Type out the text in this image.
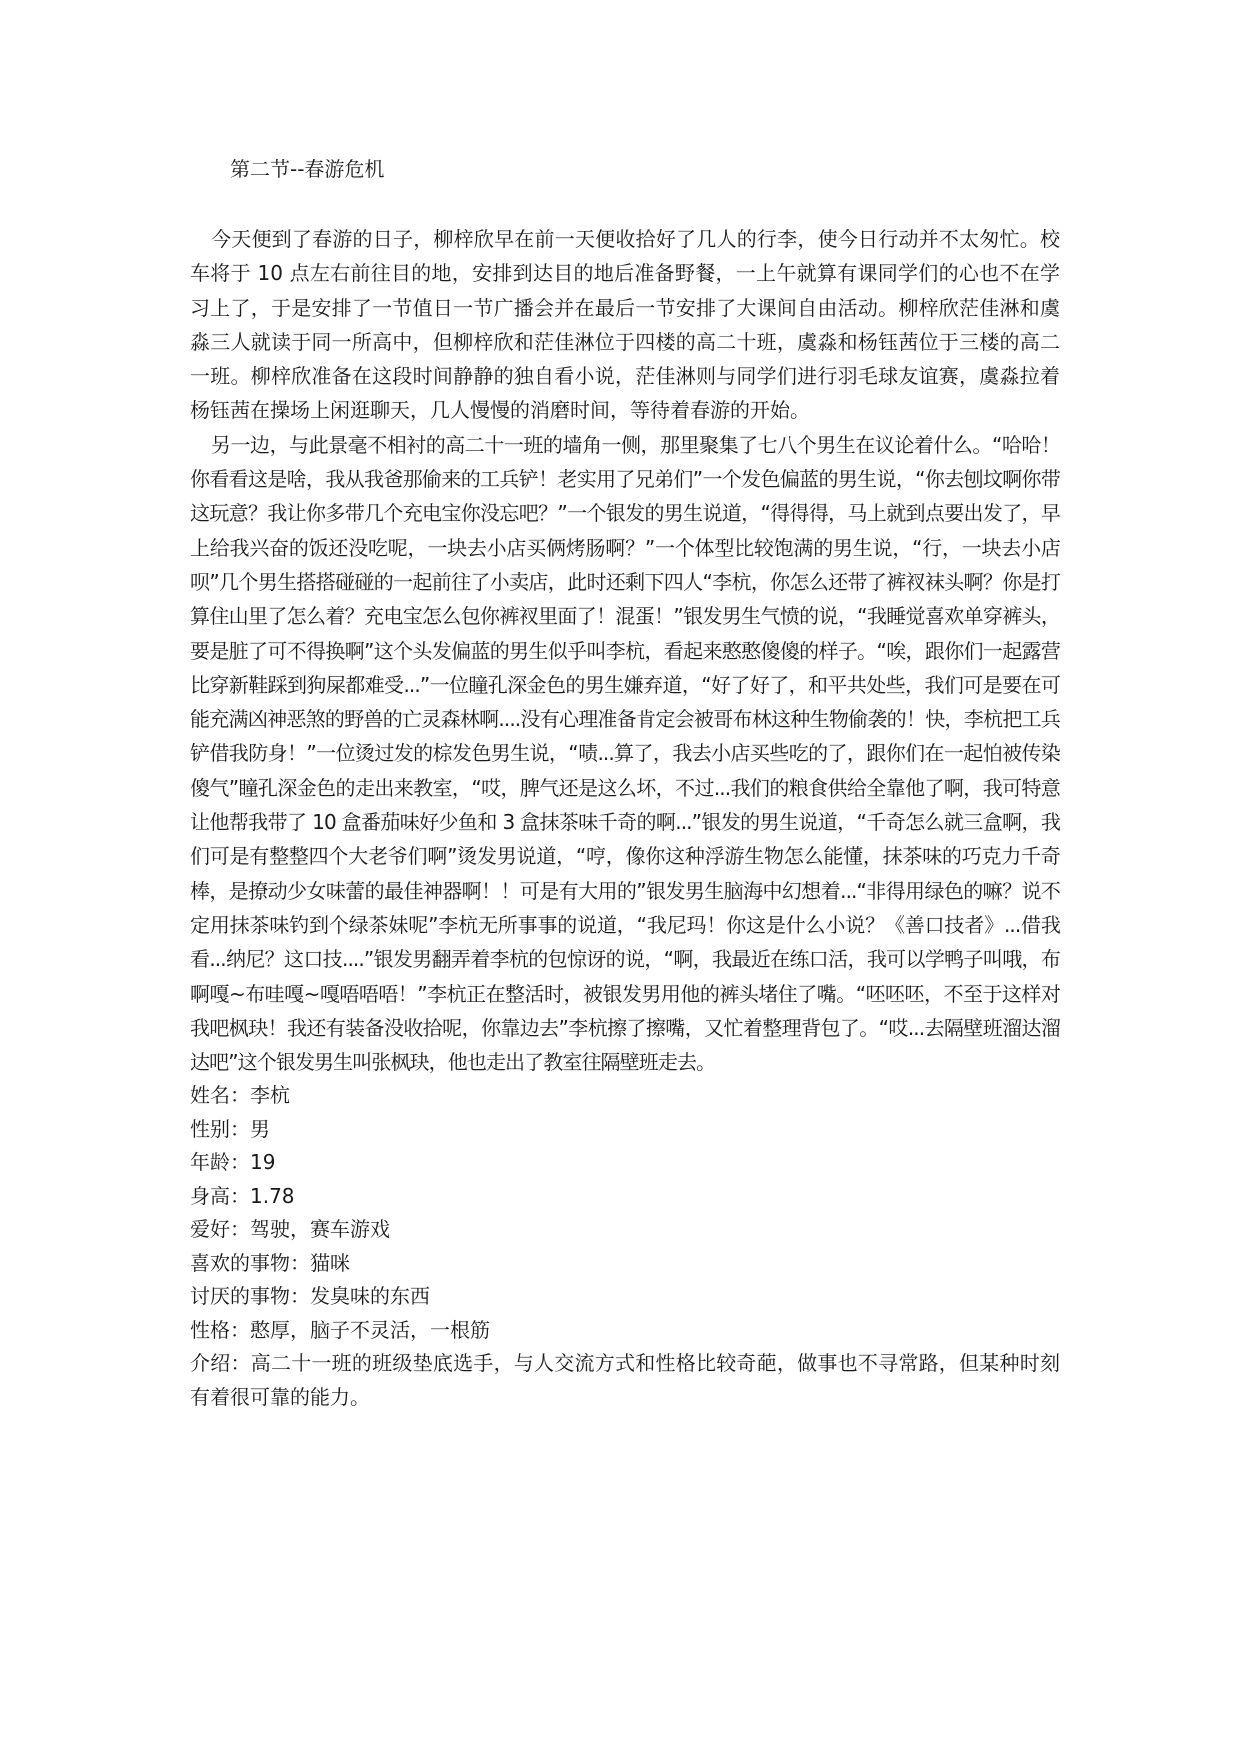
第二节--春游危机

今天便到了春游的日子，柳梓欣早在前一天便收拾好了几人的行李，使今日行动并不太匆忙。校车将于 10 点左右前往目的地，安排到达目的地后准备野餐，一上午就算有课同学们的心也不在学习上了，于是安排了一节值日一节广播会并在最后一节安排了大课间自由活动。柳梓欣茫佳淋和虞淼三人就读于同一所高中，但柳梓欣和茫佳淋位于四楼的高二十班，虞淼和杨钰茜位于三楼的高二一班。柳梓欣准备在这段时间静静的独自看小说，茫佳淋则与同学们进行羽毛球友谊赛，虞淼拉着杨钰茜在操场上闲逛聊天，几人慢慢的消磨时间，等待着春游的开始。

另一边，与此景毫不相衬的高二十一班的墙角一侧，那里聚集了七八个男生在议论着什么。“哈哈！你看看这是啥，我从我爸那偷来的工兵铲！老实用了兄弟们”一个发色偏蓝的男生说，“你去刨坟啊你带这玩意？我让你多带几个充电宝你没忘吧？”一个银发的男生说道，“得得得，马上就到点要出发了，早上给我兴奋的饭还没吃呢，一块去小店买俩烤肠啊？”一个体型比较饱满的男生说，“行，一块去小店呗”几个男生搭搭碰碰的一起前往了小卖店，此时还剩下四人“李杭，你怎么还带了裤衩袜头啊？你是打算住山里了怎么着？充电宝怎么包你裤衩里面了！混蛋！”银发男生气愤的说，“我睡觉喜欢单穿裤头，要是脏了可不得换啊”这个头发偏蓝的男生似乎叫李杭，看起来憨憨傻傻的样子。“唉，跟你们一起露营比穿新鞋踩到狗屎都难受...”一位瞳孔深金色的男生嫌弃道，“好了好了，和平共处些，我们可是要在可能充满凶神恶煞的野兽的亡灵森林啊....没有心理准备肯定会被哥布林这种生物偷袭的！快，李杭把工兵铲借我防身！”一位烫过发的棕发色男生说，“啧...算了，我去小店买些吃的了，跟你们在一起怕被传染傻气”瞳孔深金色的走出来教室，“哎，脾气还是这么坏，不过...我们的粮食供给全靠他了啊，我可特意让他帮我带了 10 盒番茄味好少鱼和 3 盒抹茶味千奇的啊...”银发的男生说道，“千奇怎么就三盒啊，我们可是有整整四个大老爷们啊”烫发男说道，“哼，像你这种浮游生物怎么能懂，抹茶味的巧克力千奇棒，是撩动少女味蕾的最佳神器啊！！可是有大用的”银发男生脑海中幻想着...“非得用绿色的嘛？说不定用抹茶味钓到个绿茶妹呢”李杭无所事事的说道，“我尼玛！你这是什么小说？《善口技者》...借我看...纳尼？这口技....”银发男翻弄着李杭的包惊讶的说，“啊，我最近在练口活，我可以学鸭子叫哦，布啊嘎~布哇嘎~嘎唔唔唔！”李杭正在整活时，被银发男用他的裤头堵住了嘴。“呸呸呸，不至于这样对我吧枫玦！我还有装备没收拾呢，你靠边去”李杭擦了擦嘴，又忙着整理背包了。“哎...去隔壁班溜达溜达吧”这个银发男生叫张枫玦，他也走出了教室往隔壁班走去。

姓名：李杭
性别：男
年龄：19
身高：1.78
爱好：驾驶，赛车游戏
喜欢的事物：猫咪
讨厌的事物：发臭味的东西
性格：憨厚，脑子不灵活，一根筋
介绍：高二十一班的班级垫底选手，与人交流方式和性格比较奇葩，做事也不寻常路，但某种时刻有着很可靠的能力。
